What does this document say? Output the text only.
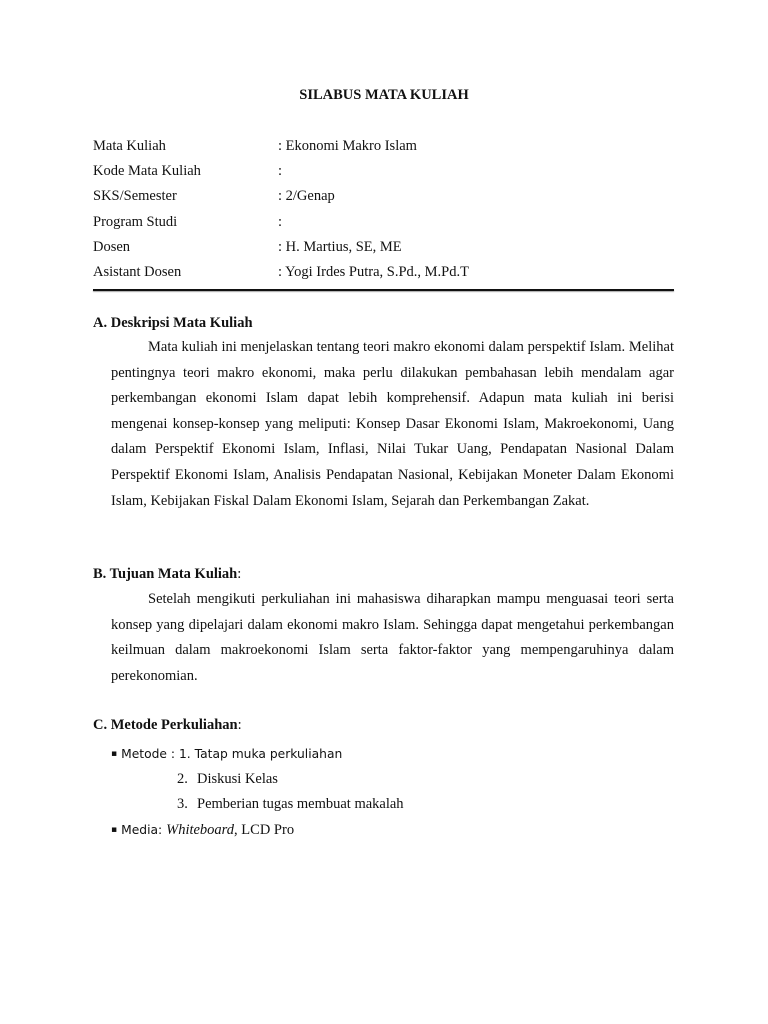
SILABUS MATA KULIAH
Mata Kuliah	: Ekonomi Makro Islam
Kode Mata Kuliah	:
SKS/Semester	: 2/Genap
Program Studi	:
Dosen	: H. Martius, SE, ME
Asistant Dosen	: Yogi Irdes Putra, S.Pd., M.Pd.T
A. Deskripsi Mata Kuliah

Mata kuliah ini menjelaskan tentang teori makro ekonomi dalam perspektif Islam. Melihat pentingnya teori makro ekonomi, maka perlu dilakukan pembahasan lebih mendalam agar perkembangan ekonomi Islam dapat lebih komprehensif. Adapun mata kuliah ini berisi mengenai konsep-konsep yang meliputi: Konsep Dasar Ekonomi Islam, Makroekonomi, Uang dalam Perspektif Ekonomi Islam, Inflasi, Nilai Tukar Uang, Pendapatan Nasional Dalam Perspektif Ekonomi Islam, Analisis Pendapatan Nasional, Kebijakan Moneter Dalam Ekonomi Islam, Kebijakan Fiskal Dalam Ekonomi Islam, Sejarah dan Perkembangan Zakat.

B. Tujuan Mata Kuliah:

Setelah mengikuti perkuliahan ini mahasiswa diharapkan mampu menguasai teori serta konsep yang dipelajari dalam ekonomi makro Islam. Sehingga dapat mengetahui perkembangan keilmuan dalam makroekonomi Islam serta faktor-faktor yang mempengaruhinya dalam perekonomian.

C. Metode Perkuliahan:
▪ Metode : 1. Tatap muka perkuliahan
2. Diskusi Kelas
3. Pemberian tugas membuat makalah
▪ Media: Whiteboard, LCD Pro
